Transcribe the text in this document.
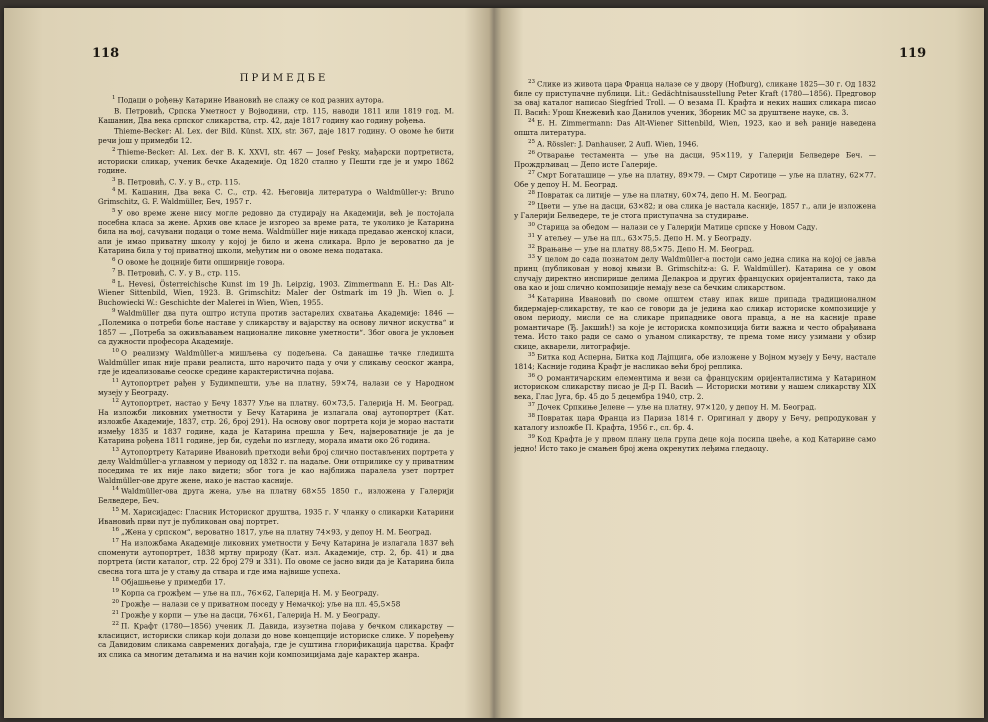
118
ПРИМЕДБЕ

$^1$ Подаци о рођењу Катарине Ивановић не слажу се код разних аутора.

В. Петровић, Српска Уметност у Војводини, стр. 115, наводи 1811 или 1819 год. М. Кашанин, Два века српског сликарства, стр. 42, даје 1817 годину као годину рођења.

Thieme-Becker: Al. Lex. der Bild. Künst. XIX, str. 367, даје 1817 годину. О овоме ће бити речи још у примедби 12.

$^2$ Thieme-Becker: Al. Lex. der B. K. XXVI, str. 467 — Josef Pesky, мађарски портретиста, историски сликар, ученик бечке Академије. Од 1820 стално у Пешти где је и умро 1862 године.

$^3$ В. Петровић, С. У. у В., стр. 115.

$^4$ М. Кашанин, Два века С. С., стр. 42. Његовија литература о Waldmüller-у: Bruno Grimschitz, G. F. Waldmüller, Беч, 1957 г.

$^5$ У ово време жене нису могле редовно да студирају на Академији, већ је постојала посебна класа за жене. Архив ове класе је изгорео за време рата, те уколико је Катарина била на њој, сачувани подаци о томе нема. Waldmüller није никада предавао женској класи, али је имао приватну школу у којој је било и жена сликара. Врло је вероватно да је Катарина била у тој приватној школи, међутим ни о овоме нема података.

$^6$ О овоме ће доцније бити опширније говора.

$^7$ В. Петровић, С. У. у В., стр. 115.

$^8$ L. Hevesi, Österreichische Kunst im 19 Jh. Leipzig, 1903. Zimmermann E. H.: Das Alt-Wiener Sittenbild, Wien, 1923. B. Grimschitz: Maler der Ostmark im 19 Jh. Wien o. J. Buchowiecki W.: Geschichte der Malerei in Wien, Wien, 1955.

$^9$ Waldmüller два пута оштро иступа против застарелих схватања Академије: 1846 — „Полемика о потреби боље наставе у сликарству и вајарству на основу личног искуства“ и 1857 — „Потреба за оживљавањем националне ликовне уметности“. Због овога је уклоњен са дужности професора Академије.

$^{10}$ О реализму Waldmüller-а мишљења су подељена. Са данашње тачке гледишта Waldmüller ипак није прави реалиста, што нарочито пада у очи у сликању сеоског жанра, где је идеализовање сеоске средине карактеристична појава.

$^{11}$ Аутопортрет рађен у Будимпешти, уље на платну, 59×74, налази се у Народном музеју у Београду.

$^{12}$ Аутопортрет, настао у Бечу 1837? Уље на платну. 60×73,5. Галерија Н. М. Београд. На изложби ликовних уметности у Бечу Катарина је излагала овај аутопортрет (Кат. изложбе Академије, 1837, стр. 26, број 291). На основу овог портрета који је морао настати између 1835 и 1837 године, када је Катарина прешла у Беч, највероватније је да је Катарина рођена 1811 године, јер би, судећи по изгледу, морала имати око 26 година.

$^{13}$ Аутопортрету Катарине Ивановић претходи већи број слично постављених портрета у делу Waldmüller-а углавном у периоду од 1832 г. па надаље. Они отприлике су у приватним поседима те их није лако видети; због тога је као најближа паралела узет портрет Waldmüller-ове друге жене, иако је настао касније.

$^{14}$ Waldmüller-ова друга жена, уље на платну 68×55 1850 г., изложена у Галерији Белведере, Беч.

$^{15}$ М. Харисијадес: Гласник Историског друштва, 1935 г. У чланку о сликарки Катарини Ивановић први пут је публикован овај портрет.

$^{16}$ „Жена у српском“, вероватно 1817, уље на платну 74×93, у депоу Н. М. Београд.

$^{17}$ На изложбама Академије ликовних уметности у Бечу Катарина је излагала 1837 већ споменути аутопортрет, 1838 мртву природу (Кат. изл. Академије, стр. 2, бр. 41) и два портрета (исти каталог, стр. 22 број 279 и 331). По овоме се јасно види да је Катарина била свесна тога шта је у стању да ствара и где има највише успеха.

$^{18}$ Објашњење у примедби 17.

$^{19}$ Корпа са грожђем — уље на пл., 76×62, Галерија Н. М. у Београду.

$^{20}$ Грожђе — налази се у приватном поседу у Немачкој; уље на пл. 45,5×58

$^{21}$ Грожђе у корпи — уље на дасци, 76×61, Галерија Н. М. у Београду.

$^{22}$ П. Крафт (1780—1856) ученик Л. Давида, изузетна појава у бечком сликарству — класицист, историски сликар који долази до нове концепције историске слике. У поређењу са Давидовим сликама савремених догађаја, где је суштина глорификација царства. Крафт их слика са многим детаљима и на начин који композицијама даје карактер жанра.

119

$^{23}$ Слике из живота цара Франца налазе се у двору (Hofburg), сликане 1825—30 г. Од 1832 биле су приступачне публици. Lit.: Gedächtnisausstellung Peter Kraft (1780—1856). Предговор за овај каталог написао Siegfried Troll. — О везама П. Крафта и неких наших сликара писао П. Васић: Урош Кнежевић као Данилов ученик, Зборник МС за друштвене науке, св. 3.

$^{24}$ Е. Н. Zimmermann: Das Alt-Wiener Sittenbild, Wien, 1923, као и већ раније наведена општа литература.

$^{25}$ A. Rössler: J. Danhauser, 2 Aufl. Wien, 1946.

$^{26}$ Отварање тестамента — уље на дасци, 95×119, у Галерији Белведере Беч. — Прождрљивац — Депо исте Галерије.

$^{27}$ Смрт Богаташице — уље на платну, 89×79. — Смрт Сиротице — уље на платну, 62×77. Обе у депоу Н. М. Београд.

$^{28}$ Повратак са литије — уље на платну, 60×74, депо Н. М. Београд.

$^{29}$ Цвети — уље на дасци, 63×82; и ова слика је настала касније, 1857 г., али је изложена у Галерији Белведере, те је стога приступачна за студирање.

$^{30}$ Старица за обедом — налази се у Галерији Матице српске у Новом Саду.

$^{31}$ У атељеу — уље на пл., 63×75,5. Депо Н. М. у Београду.

$^{32}$ Врањање — уље на платну 88,5×75. Депо Н. М. Београд.

$^{33}$ У целом до сада познатом делу Waldmüller-а постоји само једна слика на којој се јавља принц (публикован у новој књизи B. Grimschitz-а: G. F. Waldmüller). Катарина се у овом случају директно инспирише делима Делакроа и других француских оријенталиста, тако да ова као и још слично композиције немају везе са бечким сликарством.

$^{34}$ Катарина Ивановић по своме општем ставу ипак више припада традиционалном бидермајер-сликарству, те као се говори да је једина као сликар историске композиције у овом периоду, мисли се на сликаре припаднике овога правца, а не на касније праве романтичаре (Ђ. Јакшић!) за које је историска композиција бити важна и често обрађивана тема. Исто тако ради се само о уљаном сликарству, те према томе нису узимани у обзир скице, акварели, литографије.

$^{35}$ Битка код Асперна, Битка код Лајпцига, обе изложене у Војном музеју у Бечу, настале 1814; Касније година Крафт је насликао већи број реплика.

$^{36}$ О романтичарским елементима и вези са француским оријенталистима у Катарином историском сликарству писао је Д-р П. Васић — Историски мотиви у нашем сликарству XIX века, Глас Југа, бр. 45 до 5 децембра 1940, стр. 2.

$^{37}$ Дочек Српкиње Јелене — уље на платну, 97×120, у депоу Н. М. Београд.

$^{38}$ Повратак цара Франца из Париза 1814 г. Оригинал у двору у Бечу, репродукован у каталогу изложбе П. Крафта, 1956 г., сл. бр. 4.

$^{39}$ Код Крафта је у првом плану цела група деце која посипа цвеће, а код Катарине само једно! Исто тако је смањен број жена окренутих леђима гледаоцу.
